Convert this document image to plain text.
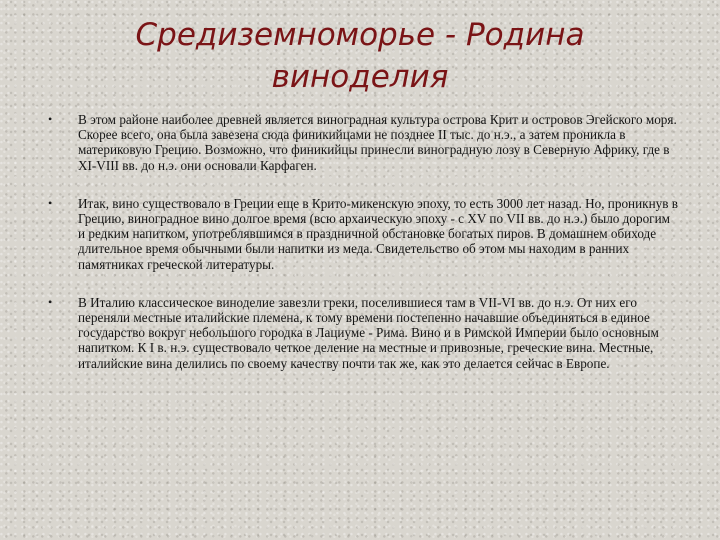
Средиземноморье - Родина
виноделия
• В этом районе наиболее древней является виноградная культура острова Крит и островов Эгейского моря. Скорее всего, она была завезена сюда финикийцами не позднее II тыс. до н.э., а затем проникла в материковую Грецию. Возможно, что финикийцы принесли виноградную лозу в Северную Африку, где в XI-VIII вв. до н.э. они основали Карфаген.

• Итак, вино существовало в Греции еще в Крито-микенскую эпоху, то есть 3000 лет назад. Но, проникнув в Грецию, виноградное вино долгое время (всю архаическую эпоху - с XV по VII вв. до н.э.) было дорогим и редким напитком, употреблявшимся в праздничной обстановке богатых пиров. В домашнем обиходе длительное время обычными были напитки из меда. Свидетельство об этом мы находим в ранних памятниках греческой литературы.

• В Италию классическое виноделие завезли греки, поселившиеся там в VII-VI вв. до н.э. От них его переняли местные италийские племена, к тому времени постепенно начавшие объединяться в единое государство вокруг небольшого городка в Лациуме - Рима. Вино и в Римской Империи было основным напитком. К I в. н.э. существовало четкое деление на местные и привозные, греческие вина. Местные, италийские вина делились по своему качеству почти так же, как это делается сейчас в Европе.
